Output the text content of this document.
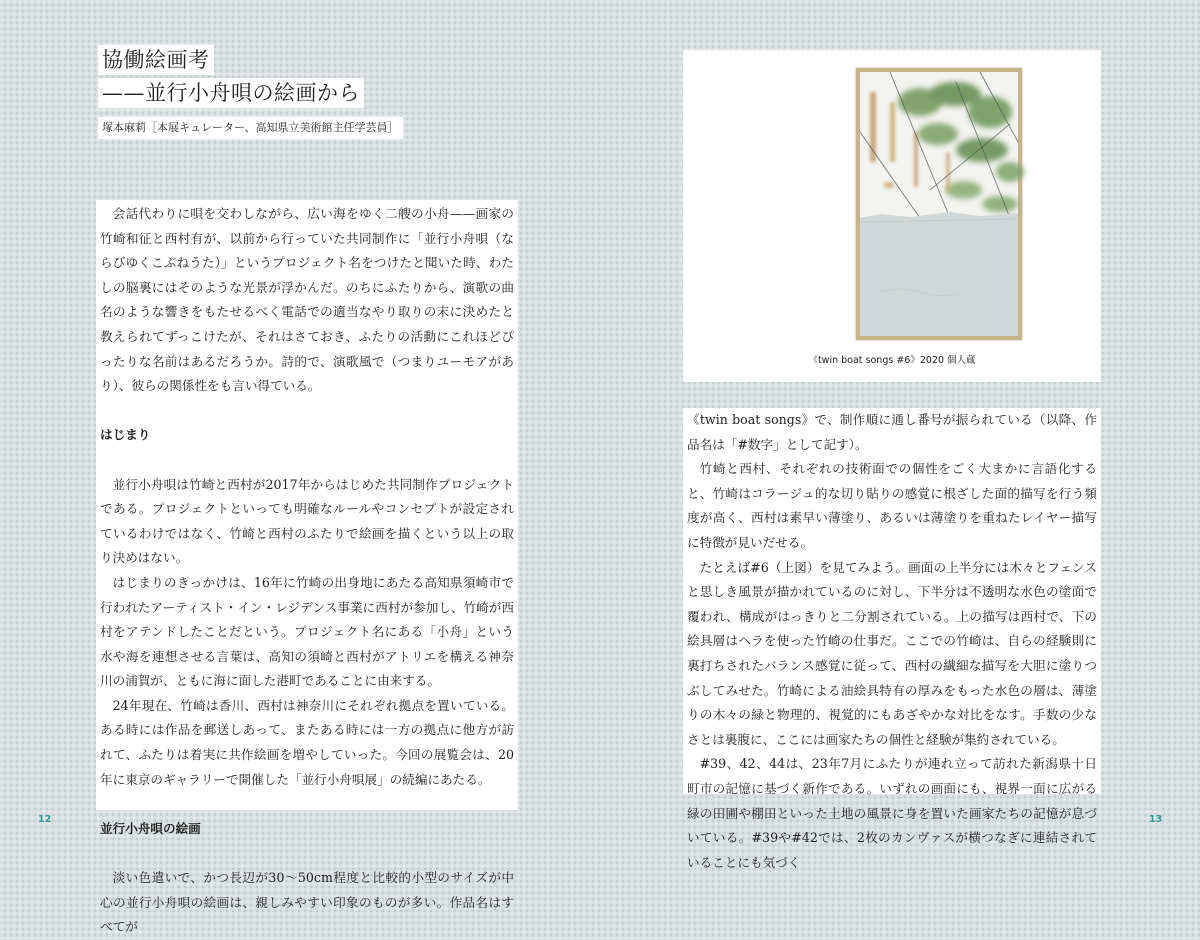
協働絵画考
——並行小舟唄の絵画から
塚本麻莉［本展キュレーター、高知県立美術館主任学芸員］

会話代わりに唄を交わしながら、広い海をゆく二艘の小舟——画家の竹崎和征と西村有が、以前から行っていた共同制作に「並行小舟唄（ならびゆくこぶねうた）」というプロジェクト名をつけたと聞いた時、わたしの脳裏にはそのような光景が浮かんだ。のちにふたりから、演歌の曲名のような響きをもたせるべく電話での適当なやり取りの末に決めたと教えられてずっこけたが、それはさておき、ふたりの活動にこれほどぴったりな名前はあるだろうか。詩的で、演歌風で（つまりユーモアがあり）、彼らの関係性をも言い得ている。

はじまり

並行小舟唄は竹崎と西村が2017年からはじめた共同制作プロジェクトである。プロジェクトといっても明確なルールやコンセプトが設定されているわけではなく、竹崎と西村のふたりで絵画を描くという以上の取り決めはない。

はじまりのきっかけは、16年に竹崎の出身地にあたる高知県須崎市で行われたアーティスト・イン・レジデンス事業に西村が参加し、竹崎が西村をアテンドしたことだという。プロジェクト名にある「小舟」という水や海を連想させる言葉は、高知の須崎と西村がアトリエを構える神奈川の浦賀が、ともに海に面した港町であることに由来する。

24年現在、竹崎は香川、西村は神奈川にそれぞれ拠点を置いている。ある時には作品を郵送しあって、またある時には一方の拠点に他方が訪れて、ふたりは着実に共作絵画を増やしていった。今回の展覧会は、20年に東京のギャラリーで開催した「並行小舟唄展」の続編にあたる。

並行小舟唄の絵画

淡い色遣いで、かつ長辺が30〜50cm程度と比較的小型のサイズが中心の並行小舟唄の絵画は、親しみやすい印象のものが多い。作品名はすべてが

12
《twin boat songs #6》2020 個人蔵

《twin boat songs》で、制作順に通し番号が振られている（以降、作品名は「#数字」として記す）。

竹崎と西村、それぞれの技術面での個性をごく大まかに言語化すると、竹崎はコラージュ的な切り貼りの感覚に根ざした面的描写を行う頻度が高く、西村は素早い薄塗り、あるいは薄塗りを重ねたレイヤー描写に特徴が見いだせる。

たとえば#6（上図）を見てみよう。画面の上半分には木々とフェンスと思しき風景が描かれているのに対し、下半分は不透明な水色の塗面で覆われ、構成がはっきりと二分割されている。上の描写は西村で、下の絵具層はヘラを使った竹崎の仕事だ。ここでの竹崎は、自らの経験則に裏打ちされたバランス感覚に従って、西村の繊細な描写を大胆に塗りつぶしてみせた。竹崎による油絵具特有の厚みをもった水色の層は、薄塗りの木々の緑と物理的、視覚的にもあざやかな対比をなす。手数の少なさとは裏腹に、ここには画家たちの個性と経験が集約されている。

#39、42、44は、23年7月にふたりが連れ立って訪れた新潟県十日町市の記憶に基づく新作である。いずれの画面にも、視界一面に広がる緑の田圃や棚田といった土地の風景に身を置いた画家たちの記憶が息づいている。#39や#42では、2枚のカンヴァスが横つなぎに連結されていることにも気づく

13
